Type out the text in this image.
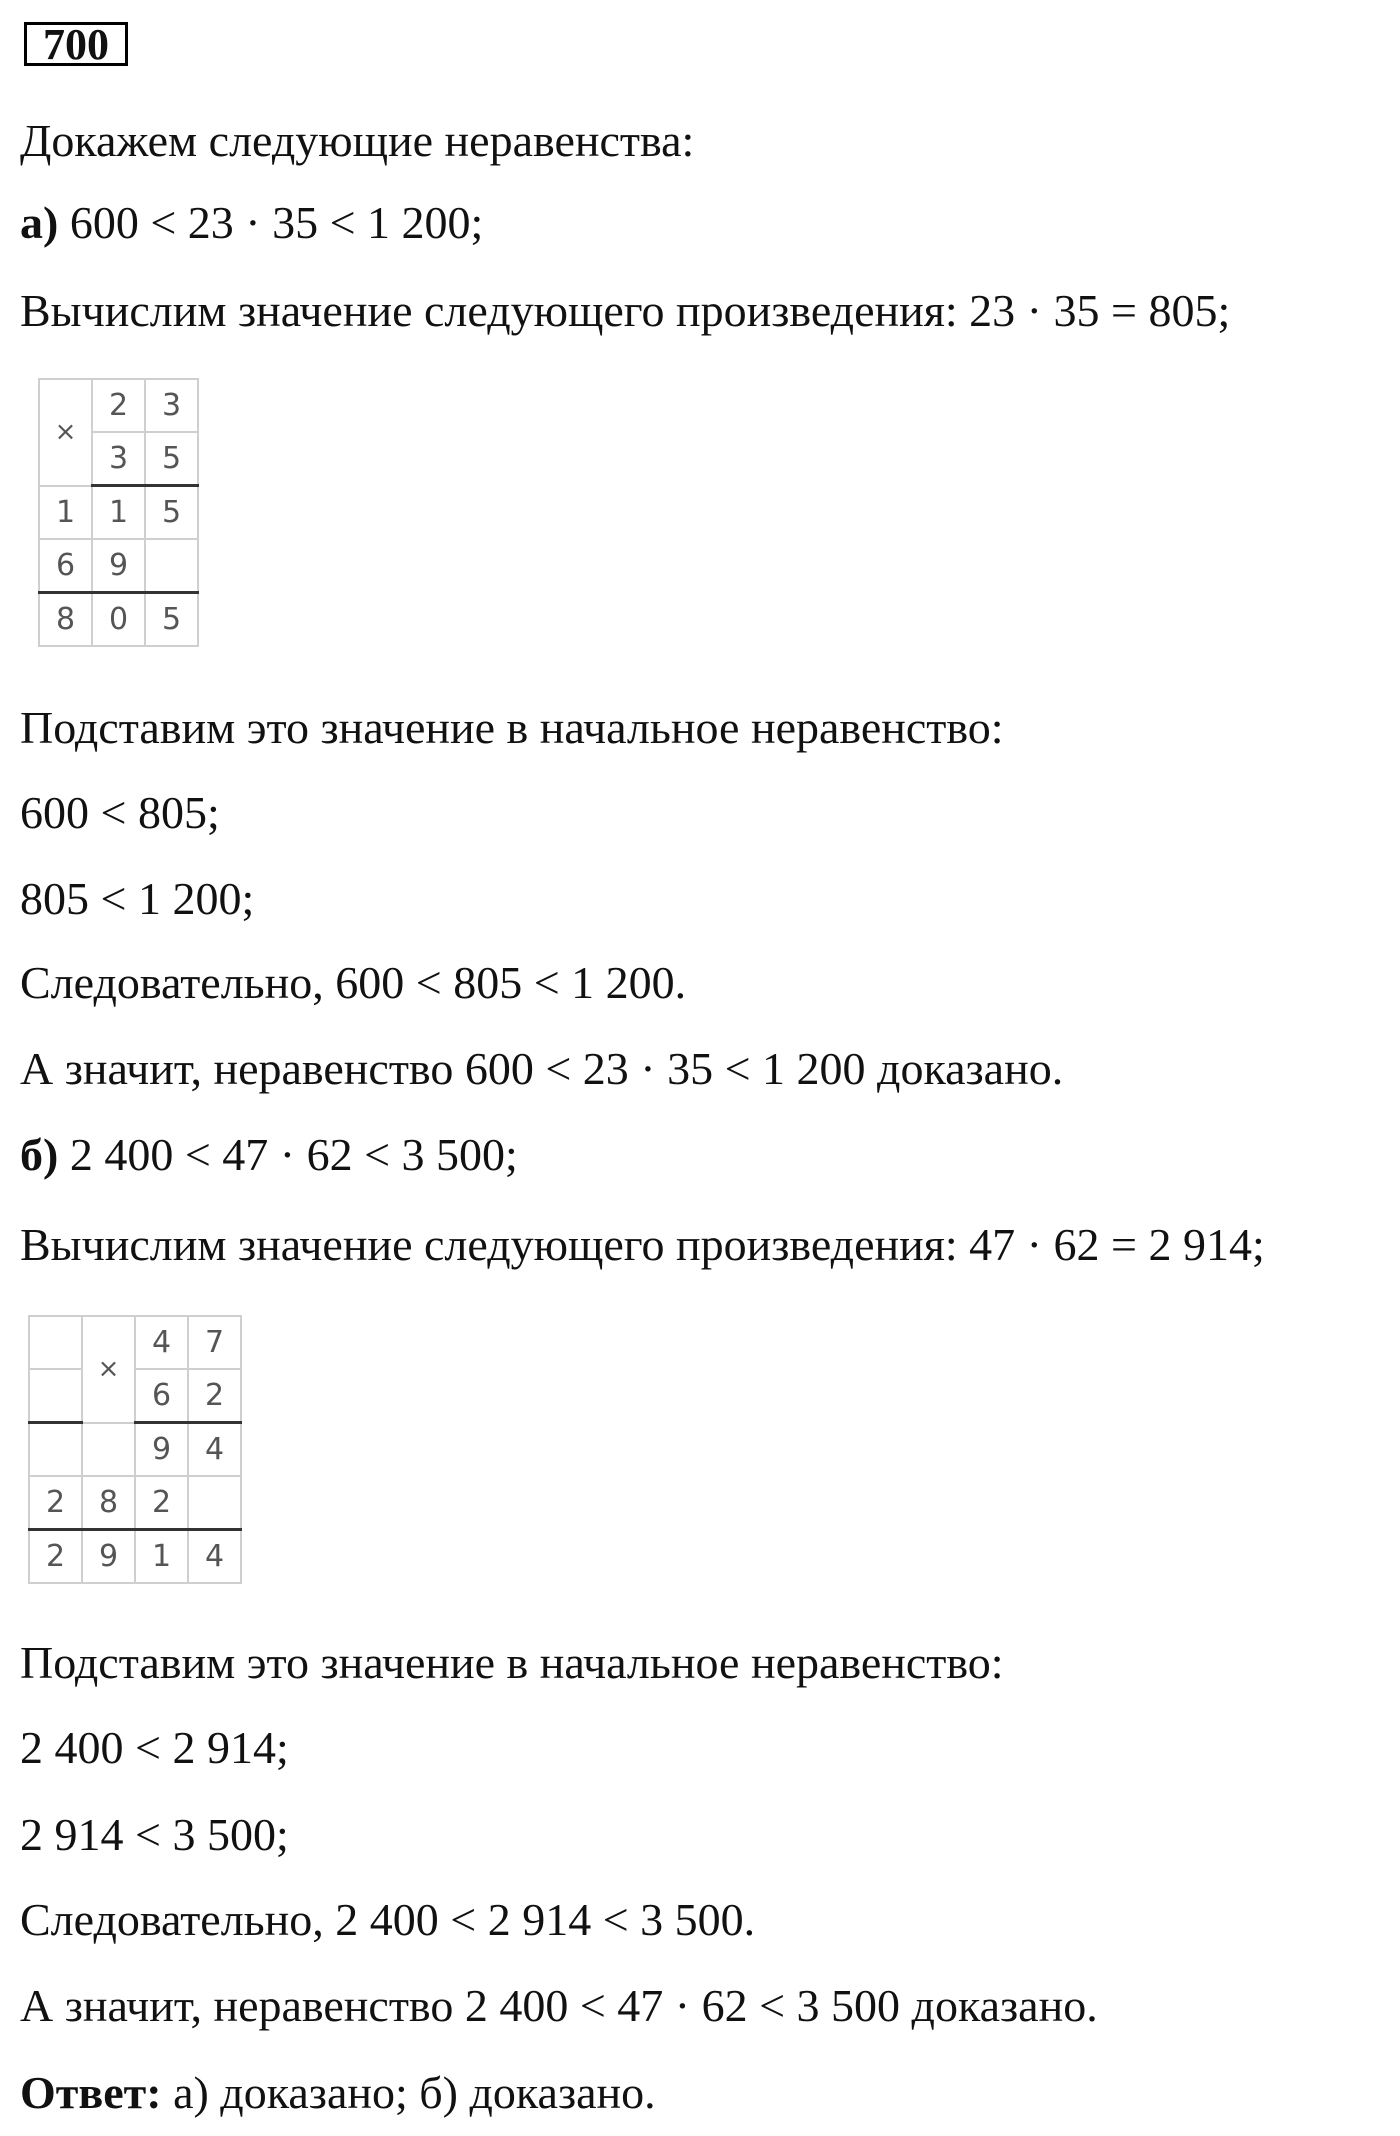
700
Докажем следующие неравенства:
а) 600 < 23 · 35 < 1 200;
Вычислим значение следующего произведения: 23 · 35 = 805;
×	2	3
	3	5
1	1	5
6	9	
8	0	5
Подставим это значение в начальное неравенство:
600 < 805;
805 < 1 200;
Следовательно, 600 < 805 < 1 200.
А значит, неравенство 600 < 23 · 35 < 1 200 доказано.
б) 2 400 < 47 · 62 < 3 500;
Вычислим значение следующего произведения: 47 · 62 = 2 914;
	×	4	7
		6	2
		9	4
2	8	2	
2	9	1	4
Подставим это значение в начальное неравенство:
2 400 < 2 914;
2 914 < 3 500;
Следовательно, 2 400 < 2 914 < 3 500.
А значит, неравенство 2 400 < 47 · 62 < 3 500 доказано.
Ответ: а) доказано; б) доказано.
